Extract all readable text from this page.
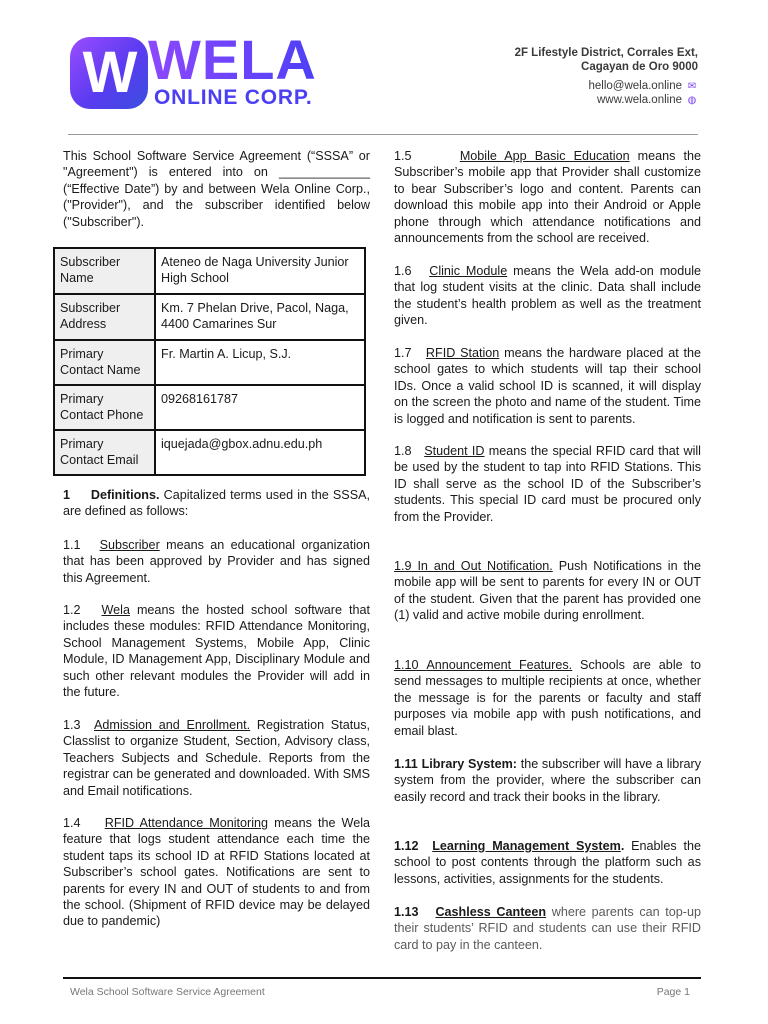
W WELA
ONLINE CORP.
2F Lifestyle District, Corrales Ext,
Cagayan de Oro 9000
hello@wela.online ✉
www.wela.online ◍
This School Software Service Agreement (“SSSA” or "Agreement") is entered into on _____________ (“Effective Date”) by and between Wela Online Corp., ("Provider"), and the subscriber identified below ("Subscriber").
Subscriber Name	Ateneo de Naga University Junior High School
Subscriber Address	Km. 7 Phelan Drive, Pacol, Naga, 4400 Camarines Sur
Primary Contact Name	Fr. Martin A. Licup, S.J.
Primary Contact Phone	09268161787
Primary Contact Email	iquejada@gbox.adnu.edu.ph
1 Definitions. Capitalized terms used in the SSSA, are defined as follows:
1.1 Subscriber means an educational organization that has been approved by Provider and has signed this Agreement.
1.2 Wela means the hosted school software that includes these modules: RFID Attendance Monitoring, School Management Systems, Mobile App, Clinic Module, ID Management App, Disciplinary Module and such other relevant modules the Provider will add in the future.
1.3 Admission and Enrollment. Registration Status, Classlist to organize Student, Section, Advisory class, Teachers Subjects and Schedule. Reports from the registrar can be generated and downloaded. With SMS and Email notifications.
1.4 RFID Attendance Monitoring means the Wela feature that logs student attendance each time the student taps its school ID at RFID Stations located at Subscriber’s school gates. Notifications are sent to parents for every IN and OUT of students to and from the school. (Shipment of RFID device may be delayed due to pandemic)
1.5	Mobile App Basic Education means the Subscriber’s mobile app that Provider shall customize to bear Subscriber’s logo and content. Parents can download this mobile app into their Android or Apple phone through which attendance notifications and announcements from the school are received.
1.6 Clinic Module means the Wela add-on module that log student visits at the clinic. Data shall include the student’s health problem as well as the treatment given.
1.7 RFID Station means the hardware placed at the school gates to which students will tap their school IDs. Once a valid school ID is scanned, it will display on the screen the photo and name of the student. Time is logged and notification is sent to parents.
1.8 Student ID means the special RFID card that will be used by the student to tap into RFID Stations. This ID shall serve as the school ID of the Subscriber’s students. This special ID card must be procured only from the Provider.
1.9 In and Out Notification. Push Notifications in the mobile app will be sent to parents for every IN or OUT of the student. Given that the parent has provided one (1) valid and active mobile during enrollment.
1.10 Announcement Features. Schools are able to send messages to multiple recipients at once, whether the message is for the parents or faculty and staff purposes via mobile app with push notifications, and email blast.
1.11 Library System: the subscriber will have a library system from the provider, where the subscriber can easily record and track their books in the library.
1.12 Learning Management System. Enables the school to post contents through the platform such as lessons, activities, assignments for the students.
1.13 Cashless Canteen where parents can top-up their students’ RFID and students can use their RFID card to pay in the canteen.
Wela School Software Service Agreement	Page 1
